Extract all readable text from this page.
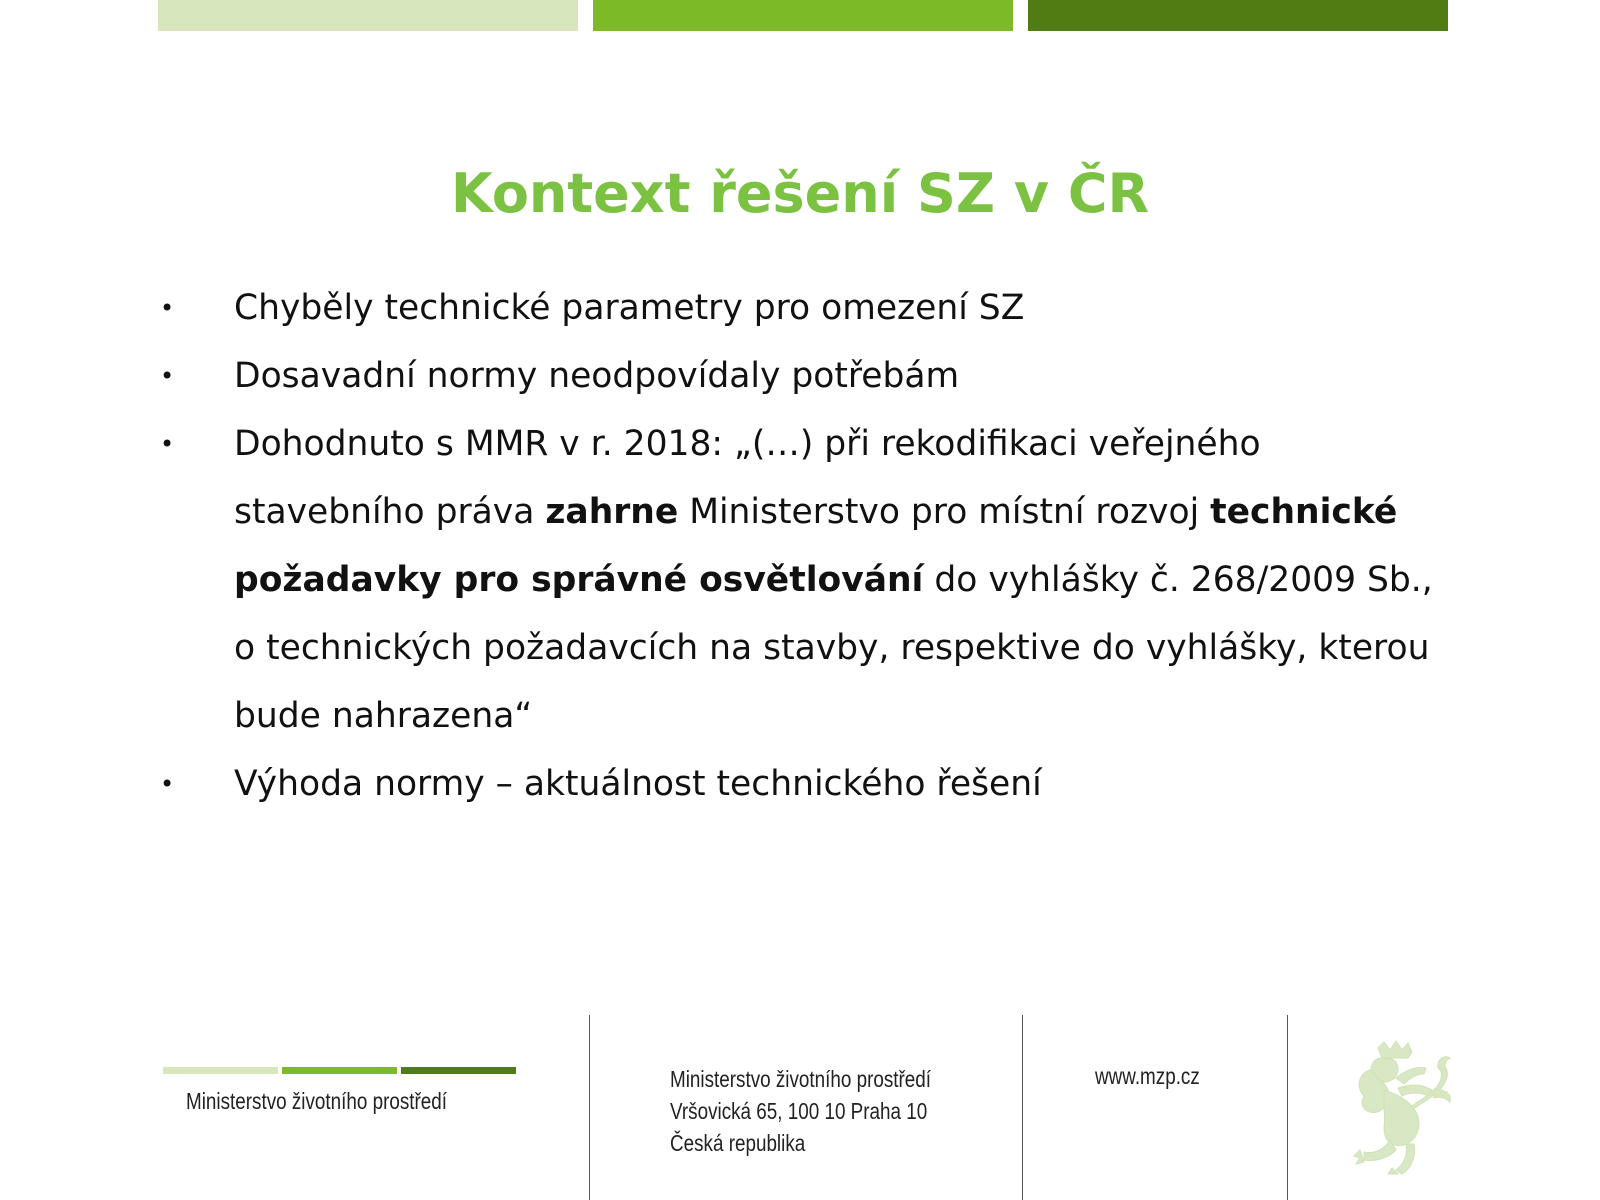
Kontext řešení SZ v ČR
• Chyběly technické parametry pro omezení SZ
• Dosavadní normy neodpovídaly potřebám
• Dohodnuto s MMR v r. 2018: „(…) při rekodifikaci veřejného stavebního práva zahrne Ministerstvo pro místní rozvoj technické požadavky pro správné osvětlování do vyhlášky č. 268/2009 Sb., o technických požadavcích na stavby, respektive do vyhlášky, kterou bude nahrazena“
• Výhoda normy – aktuálnost technického řešení
Ministerstvo životního prostředí
Ministerstvo životního prostředí
Vršovická 65, 100 10 Praha 10
Česká republika
www.mzp.cz
